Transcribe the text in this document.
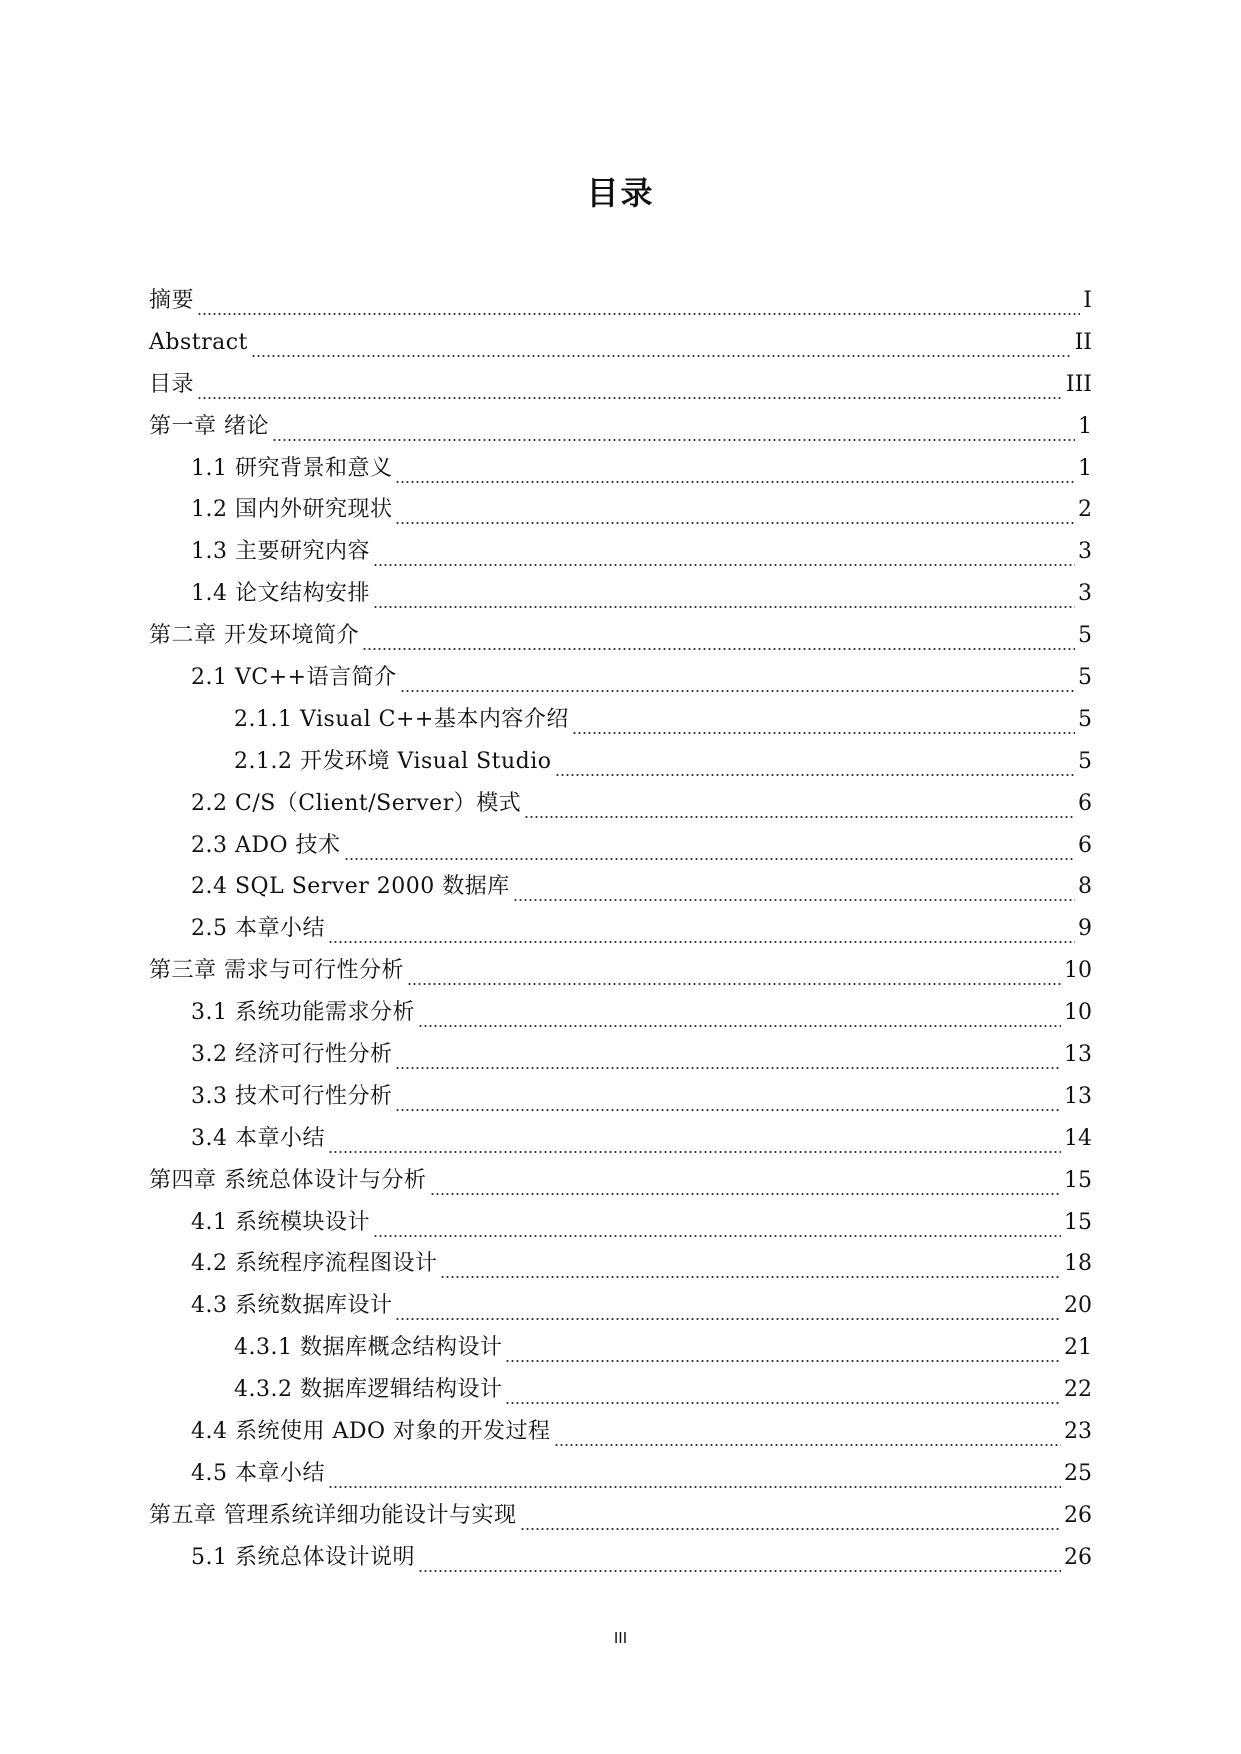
目录
摘要	I
Abstract	II
目录	III
第一章 绪论	1
1.1 研究背景和意义	1
1.2 国内外研究现状	2
1.3 主要研究内容	3
1.4 论文结构安排	3
第二章 开发环境简介	5
2.1 VC++语言简介	5
2.1.1 Visual C++基本内容介绍	5
2.1.2 开发环境 Visual Studio	5
2.2 C/S（Client/Server）模式	6
2.3 ADO 技术	6
2.4 SQL Server 2000 数据库	8
2.5 本章小结	9
第三章 需求与可行性分析	10
3.1 系统功能需求分析	10
3.2 经济可行性分析	13
3.3 技术可行性分析	13
3.4 本章小结	14
第四章 系统总体设计与分析	15
4.1 系统模块设计	15
4.2 系统程序流程图设计	18
4.3 系统数据库设计	20
4.3.1 数据库概念结构设计	21
4.3.2 数据库逻辑结构设计	22
4.4 系统使用 ADO 对象的开发过程	23
4.5 本章小结	25
第五章 管理系统详细功能设计与实现	26
5.1 系统总体设计说明	26
III
